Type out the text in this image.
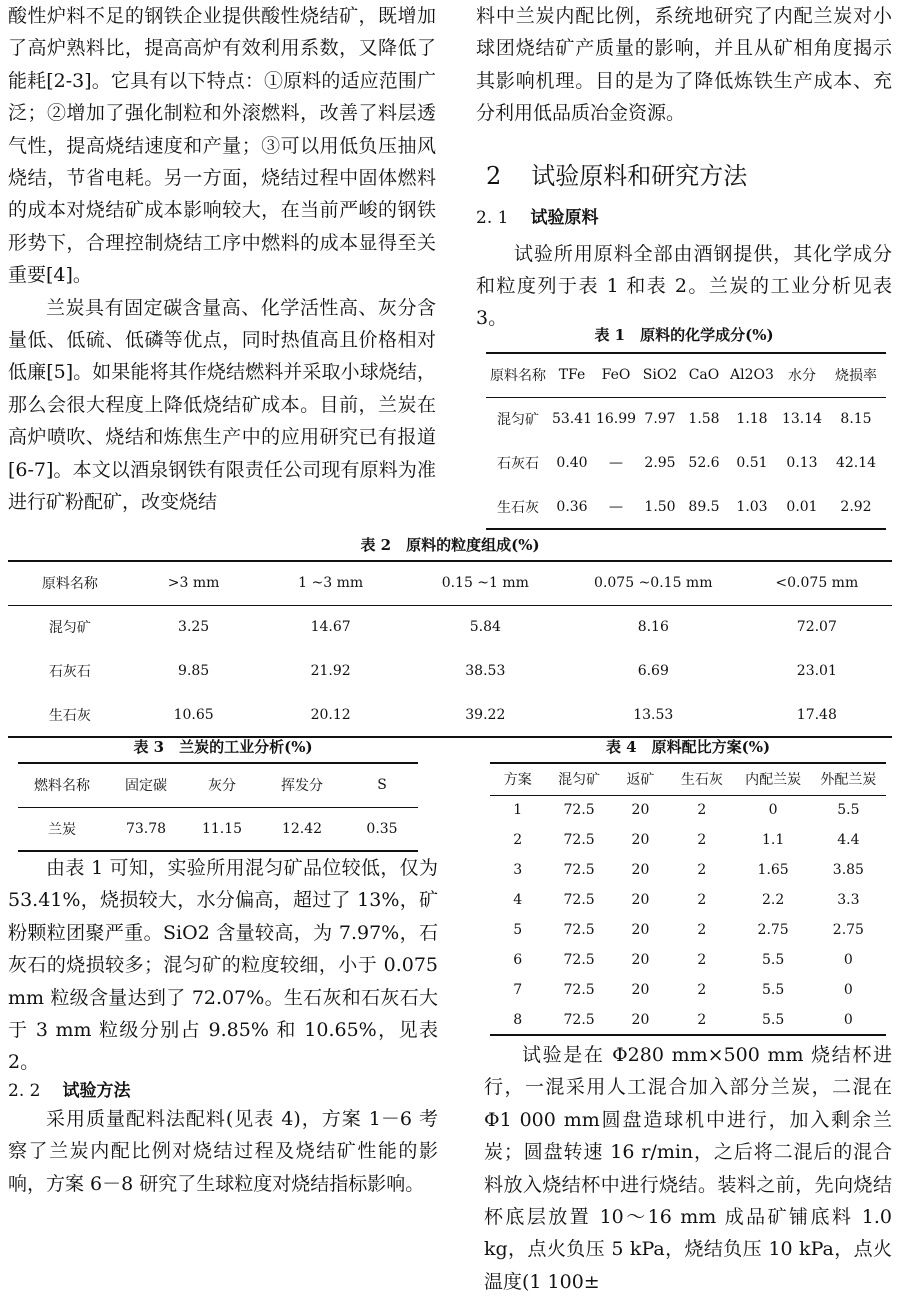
酸性炉料不足的钢铁企业提供酸性烧结矿，既增加了高炉熟料比，提高高炉有效利用系数，又降低了能耗[2-3]。它具有以下特点：①原料的适应范围广泛；②增加了强化制粒和外滚燃料，改善了料层透气性，提高烧结速度和产量；③可以用低负压抽风烧结，节省电耗。另一方面，烧结过程中固体燃料的成本对烧结矿成本影响较大，在当前严峻的钢铁形势下，合理控制烧结工序中燃料的成本显得至关重要[4]。

兰炭具有固定碳含量高、化学活性高、灰分含量低、低硫、低磷等优点，同时热值高且价格相对低廉[5]。如果能将其作烧结燃料并采取小球烧结，那么会很大程度上降低烧结矿成本。目前，兰炭在高炉喷吹、烧结和炼焦生产中的应用研究已有报道[6-7]。本文以酒泉钢铁有限责任公司现有原料为准进行矿粉配矿，改变烧结

料中兰炭内配比例，系统地研究了内配兰炭对小球团烧结矿产质量的影响，并且从矿相角度揭示其影响机理。目的是为了降低炼铁生产成本、充分利用低品质冶金资源。

2 试验原料和研究方法
2. 1 试验原料

试验所用原料全部由酒钢提供，其化学成分和粒度列于表 1 和表 2。兰炭的工业分析见表 3。

表 1　原料的化学成分(%)
原料名称	TFe	FeO	SiO2	CaO	Al2O3	水分	烧损率
混匀矿	53.41	16.99	7.97	1.58	1.18	13.14	8.15
石灰石	0.40	—	2.95	52.6	0.51	0.13	42.14
生石灰	0.36	—	1.50	89.5	1.03	0.01	2.92
表 2　原料的粒度组成(%)
原料名称	>3 mm	1 ~3 mm	0.15 ~1 mm	0.075 ~0.15 mm	<0.075 mm
混匀矿	3.25	14.67	5.84	8.16	72.07
石灰石	9.85	21.92	38.53	6.69	23.01
生石灰	10.65	20.12	39.22	13.53	17.48
表 3　兰炭的工业分析(%)
燃料名称	固定碳	灰分	挥发分	S
兰炭	73.78	11.15	12.42	0.35
表 4　原料配比方案(%)
方案	混匀矿	返矿	生石灰	内配兰炭	外配兰炭
1	72.5	20	2	0	5.5
2	72.5	20	2	1.1	4.4
3	72.5	20	2	1.65	3.85
4	72.5	20	2	2.2	3.3
5	72.5	20	2	2.75	2.75
6	72.5	20	2	5.5	0
7	72.5	20	2	5.5	0
8	72.5	20	2	5.5	0

由表 1 可知，实验所用混匀矿品位较低，仅为 53.41%，烧损较大，水分偏高，超过了 13%，矿粉颗粒团聚严重。SiO2 含量较高，为 7.97%，石灰石的烧损较多；混匀矿的粒度较细，小于 0.075 mm 粒级含量达到了 72.07%。生石灰和石灰石大于 3 mm 粒级分别占 9.85% 和 10.65%，见表 2。

2. 2 试验方法

采用质量配料法配料(见表 4)，方案 1－6 考察了兰炭内配比例对烧结过程及烧结矿性能的影响，方案 6－8 研究了生球粒度对烧结指标影响。

试验是在 Φ280 mm×500 mm 烧结杯进行，一混采用人工混合加入部分兰炭，二混在 Φ1 000 mm圆盘造球机中进行，加入剩余兰炭；圆盘转速 16 r/min，之后将二混后的混合料放入烧结杯中进行烧结。装料之前，先向烧结杯底层放置 10～16 mm 成品矿铺底料 1.0 kg，点火负压 5 kPa，烧结负压 10 kPa，点火温度(1 100±
